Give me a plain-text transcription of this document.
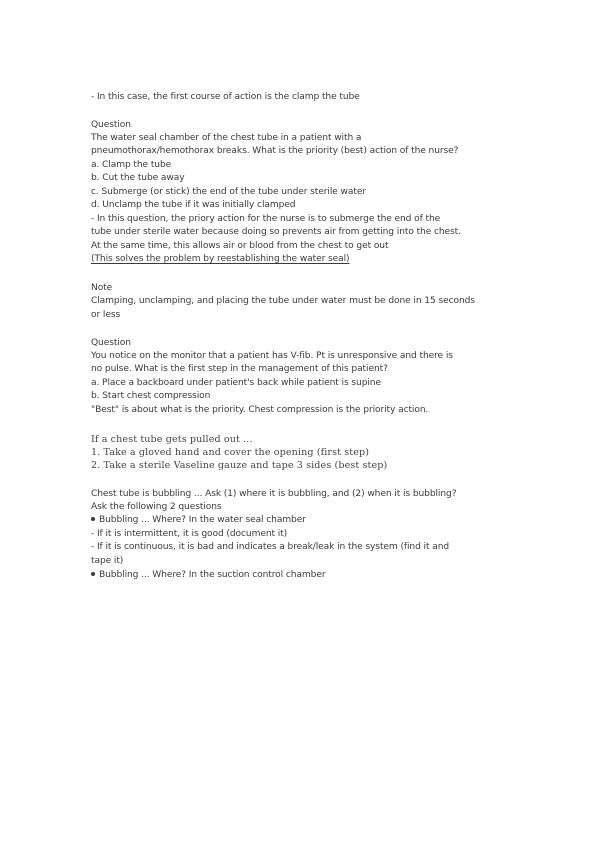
- In this case, the first course of action is the clamp the tube
Question
The water seal chamber of the chest tube in a patient with a
pneumothorax/hemothorax breaks. What is the priority (best) action of the nurse?
a. Clamp the tube
b. Cut the tube away
c. Submerge (or stick) the end of the tube under sterile water
d. Unclamp the tube if it was initially clamped
- In this question, the priory action for the nurse is to submerge the end of the
tube under sterile water because doing so prevents air from getting into the chest.
At the same time, this allows air or blood from the chest to get out
(This solves the problem by reestablishing the water seal)
Note
Clamping, unclamping, and placing the tube under water must be done in 15 seconds
or less
Question
You notice on the monitor that a patient has V-fib. Pt is unresponsive and there is
no pulse. What is the first step in the management of this patient?
a. Place a backboard under patient's back while patient is supine
b. Start chest compression
"Best" is about what is the priority. Chest compression is the priority action.
If a chest tube gets pulled out ...
1. Take a gloved hand and cover the opening (first step)
2. Take a sterile Vaseline gauze and tape 3 sides (best step)
Chest tube is bubbling ... Ask (1) where it is bubbling, and (2) when it is bubbling?
Ask the following 2 questions
Bubbling ... Where? In the water seal chamber
- If it is intermittent, it is good (document it)
- If it is continuous, it is bad and indicates a break/leak in the system (find it and
tape it)
Bubbling ... Where? In the suction control chamber
